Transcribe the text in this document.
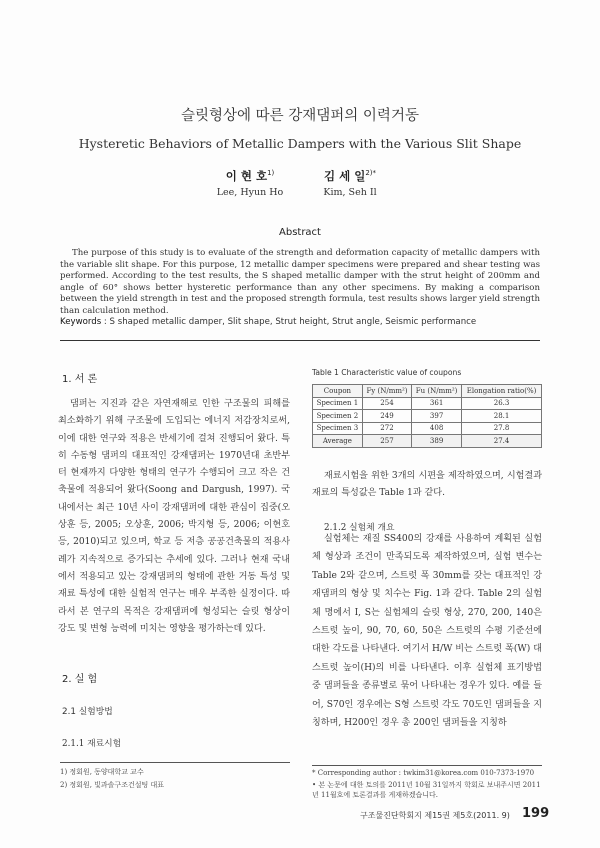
슬릿형상에 따른 강재댐퍼의 이력거동
Hysteretic Behaviors of Metallic Dampers with the Various Slit Shape
이 현 호$^{1)}$
Lee, Hyun Ho
김 세 일$^{2)*}$
Kim, Seh Il
Abstract
The purpose of this study is to evaluate of the strength and deformation capacity of metallic dampers with the variable slit shape. For this purpose, 12 metallic damper specimens were prepared and shear testing was performed. According to the test results, the S shaped metallic damper with the strut height of 200mm and angle of 60° shows better hysteretic performance than any other specimens. By making a comparison between the yield strength in test and the proposed strength formula, test results shows larger yield strength than calculation method.
Keywords : S shaped metallic damper, Slit shape, Strut height, Strut angle, Seismic performance
1. 서 론

댐퍼는 지진과 같은 자연재해로 인한 구조물의 피해를 최소화하기 위해 구조물에 도입되는 에너지 저감장치로써, 이에 대한 연구와 적용은 반세기에 걸쳐 진행되어 왔다. 특히 수동형 댐퍼의 대표적인 강재댐퍼는 1970년대 초반부터 현재까지 다양한 형태의 연구가 수행되어 크고 작은 건축물에 적용되어 왔다(Soong and Dargush, 1997). 국내에서는 최근 10년 사이 강재댐퍼에 대한 관심이 집중(오상훈 등, 2005; 오상훈, 2006; 박지형 등, 2006; 이현호 등, 2010)되고 있으며, 학교 등 저층 공공건축물의 적용사례가 지속적으로 증가되는 추세에 있다. 그러나 현재 국내에서 적용되고 있는 강재댐퍼의 형태에 관한 거동 특성 및 재료 특성에 대한 실험적 연구는 매우 부족한 실정이다. 따라서 본 연구의 목적은 강재댐퍼에 형성되는 슬릿 형상이 강도 및 변형 능력에 미치는 영향을 평가하는데 있다.

2. 실 험
2.1 실험방법
2.1.1 재료시험
1) 정회원, 동양대학교 교수
2) 정회원, 빛과솔구조건설팅 대표
Table 1 Characteristic value of coupons
Coupon	Fy (N/mm²)	Fu (N/mm²)	Elongation ratio(%)
Specimen 1	254	361	26.3
Specimen 2	249	397	28.1
Specimen 3	272	408	27.8
Average	257	389	27.4

재료시험을 위한 3개의 시편을 제작하였으며, 시험결과 재료의 특성값은 Table 1과 같다.

2.1.2 실험체 개요

실험체는 재질 SS400의 강재를 사용하여 계획된 실험체 형상과 조건이 만족되도록 제작하였으며, 실험 변수는 Table 2와 같으며, 스트럿 폭 30mm를 갖는 대표적인 강재댐퍼의 형상 및 치수는 Fig. 1과 같다. Table 2의 실험체 명에서 I, S는 실험체의 슬릿 형상, 270, 200, 140은 스트럿 높이, 90, 70, 60, 50은 스트럿의 수평 기준선에 대한 각도를 나타낸다. 여기서 H/W 비는 스트럿 폭(W) 대 스트럿 높이(H)의 비를 나타낸다. 이후 실험체 표기방법 중 댐퍼들을 종류별로 묶어 나타내는 경우가 있다. 예를 들어, S70인 경우에는 S형 스트럿 각도 70도인 댐퍼들을 지칭하며, H200인 경우 총 200인 댐퍼들을 지칭하

* Corresponding author : twkim31@korea.com 010-7373-1970
• 본 논문에 대한 토의를 2011년 10월 31일까지 학회로 보내주시면 2011년 11월호에 토론결과를 게재하겠습니다.
구조물진단학회지 제15권 제5호(2011. 9) 199
